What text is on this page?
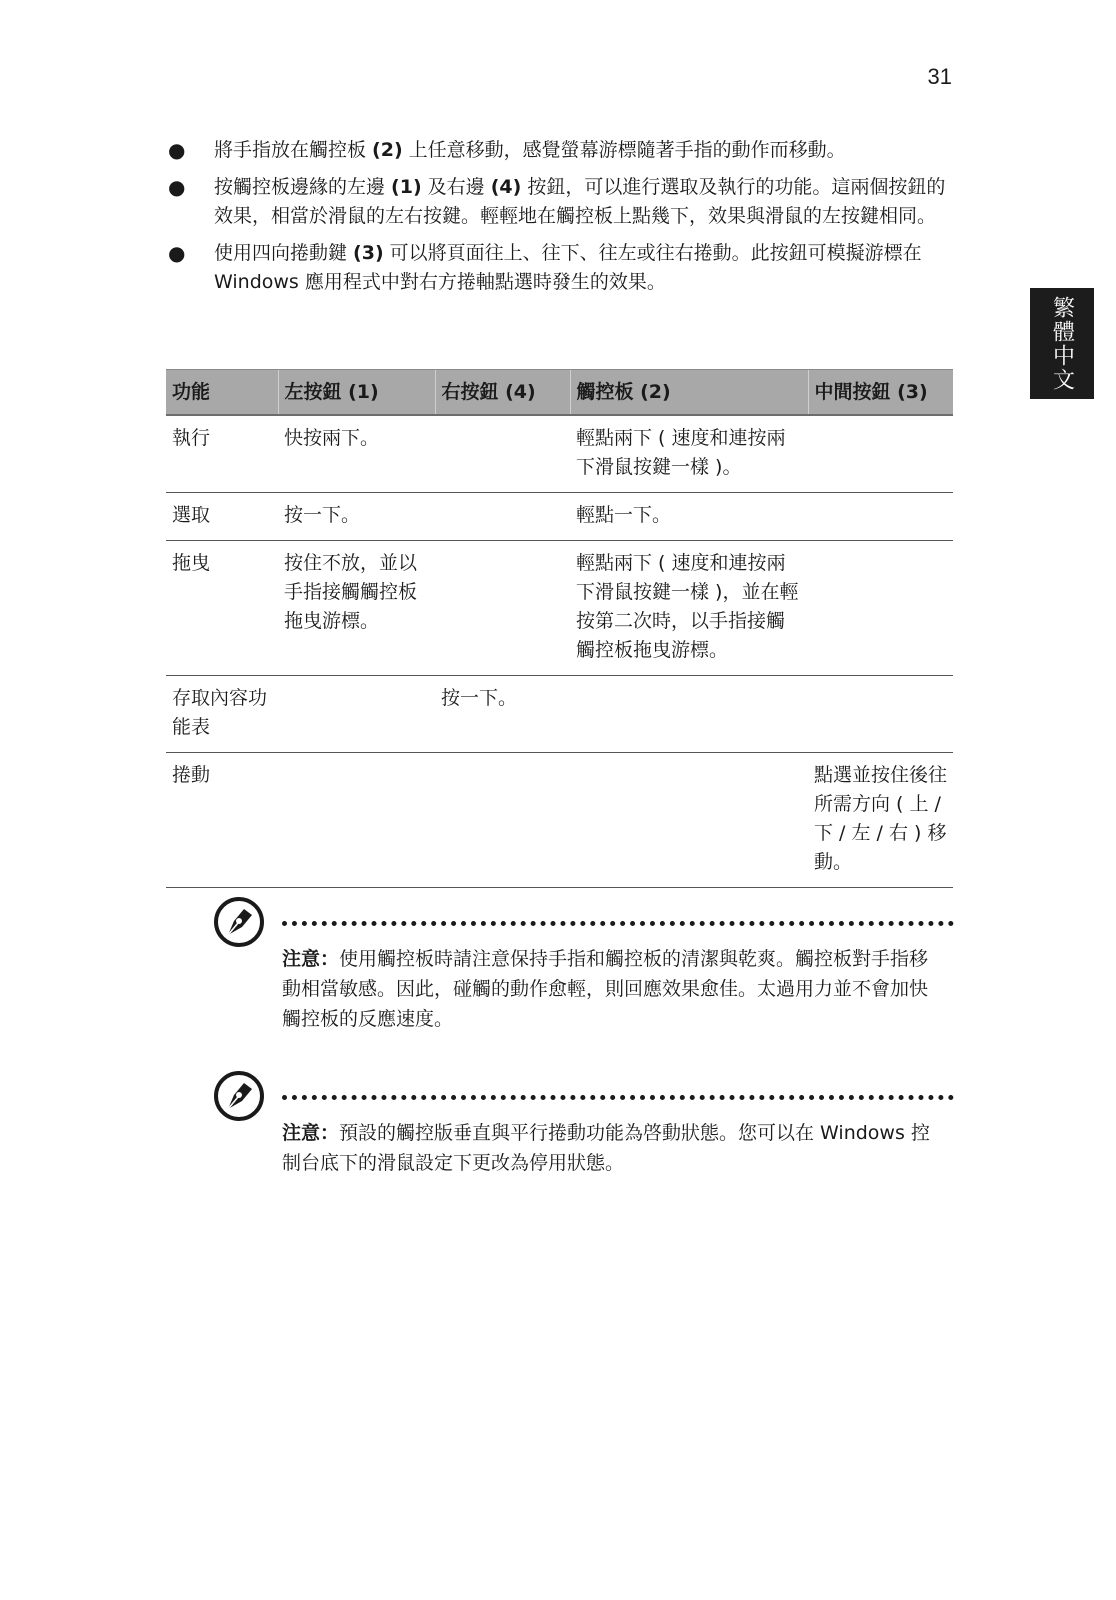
31
繁體中文
● 將手指放在觸控板 (2) 上任意移動，感覺螢幕游標隨著手指的動作而移動。
● 按觸控板邊緣的左邊 (1) 及右邊 (4) 按鈕，可以進行選取及執行的功能。這兩個按鈕的效果，相當於滑鼠的左右按鍵。輕輕地在觸控板上點幾下，效果與滑鼠的左按鍵相同。
● 使用四向捲動鍵 (3) 可以將頁面往上、往下、往左或往右捲動。此按鈕可模擬游標在 Windows 應用程式中對右方捲軸點選時發生的效果。
功能	左按鈕 (1)	右按鈕 (4)	觸控板 (2)	中間按鈕 (3)
執行	快按兩下。		輕點兩下 ( 速度和連按兩下滑鼠按鍵一樣 )。	
選取	按一下。		輕點一下。	
拖曳	按住不放，並以手指接觸觸控板拖曳游標。		輕點兩下 ( 速度和連按兩下滑鼠按鍵一樣 )，並在輕按第二次時，以手指接觸觸控板拖曳游標。	
存取內容功能表		按一下。		
捲動				點選並按住後往所需方向 ( 上 / 下 / 左 / 右 ) 移動。
注意：使用觸控板時請注意保持手指和觸控板的清潔與乾爽。觸控板對手指移動相當敏感。因此，碰觸的動作愈輕，則回應效果愈佳。太過用力並不會加快觸控板的反應速度。
注意：預設的觸控版垂直與平行捲動功能為啓動狀態。您可以在 Windows 控制台底下的滑鼠設定下更改為停用狀態。
